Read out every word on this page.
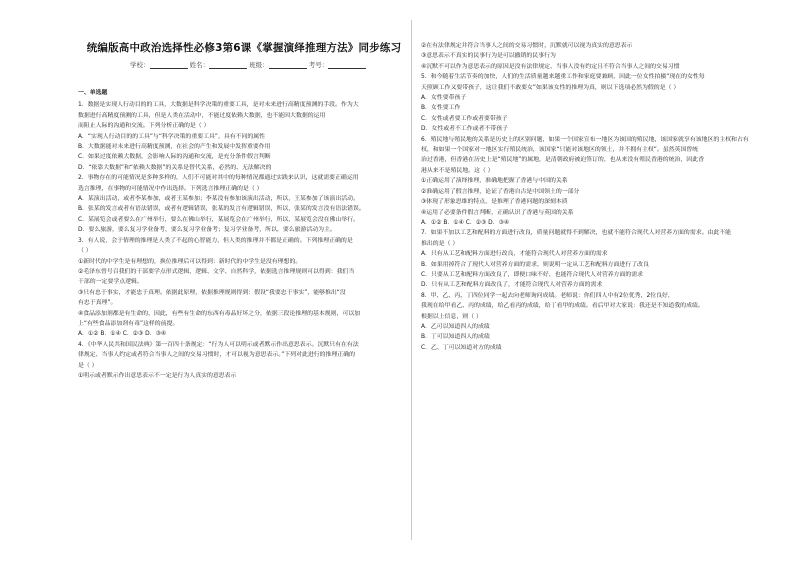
统编版高中政治选择性必修3第6课《掌握演绎推理方法》同步练习
学校：	姓名：	班级：	考号：
一、单选题
1．数据是实现人行动目的的工具，大数据是科学决策的重要工具，是对未来进行高精度预测的手段。作为大
数据进行高精度预测的工具，但是人类在活动中，不能过度依赖大数据，也不能因大数据的运用
而阻止人际的沟通和交流。下列分析正确的是（ ）
A．“实现人行动目的的工具”与“科学决策的重要工具”，具有不同的属性
B．大数据能对未来进行高精度预测，在社会的产生和发展中发挥重要作用
C．如果过度依赖大数据，会影响人际的沟通和交流，是充分条件假言判断
D．“依靠大数据”和“依赖大数据”的关系是替代关系，必然的、无法解决的
2．事物存在的可能情况是多种多样的，人们不可能对其中的每种情况都通过实践来认识，这就需要正确运用
选言推理，在事物的可能情况中作出选择。下列选言推理正确的是（ ）
A．某演出活动，或者李某参加，或者王某参加；李某没有参加该演出活动，所以，王某参加了该演出活动。
B．张某的发言或者有语法错误，或者有逻辑错误，张某的发言有逻辑错误，所以，张某的发言没有语法错误。
C．某展览会或者要么在广州举行，要么在佛山举行，某展览会在广州举行，所以，某展览会没在佛山举行。
D．要么旅游，要么复习学业备考，要么复习学业备考；复习学业备考，所以，要么旅游活动为主。
3．有人说，会于情理的推理是人类了不起的心智能力，但人类的推理并不都是正确的。下列推理正确的是
（ ）
①新时代的中学生是有理想的，换位推理后可以得到：新时代的中学生是没有理想的。
②毛泽东曾号召我们的干部要学点形式逻辑，逻辑、文学、自然科学，依据选言推理规则可以得到：我们当
干部的一定要学点逻辑。
③只有忠于事实，才能忠于真理。依据此原理，依据推理规则得到：假设“我要忠于事实”，能够推出“没
有忠于真理”。
④食品添加剂都是有生命的，因此，有些有生命的东西有毒品好坏之分，依据三段论推理的基本规则，可以加
上“有些食品添加剂有毒”这样的前提。
A．①② B．①④ C．②③ D．③④
4．《中华人民共和国民法典》第一百四十条规定：“行为人可以明示或者默示作出意思表示。沉默只有在有法
律规定、当事人约定或者符合当事人之间的交易习惯时，才可以视为意思表示。”下列对此进行的推理正确的
是（ ）
①明示或者默示作出意思表示不一定是行为人真实的意思表示
②在有法律规定并符合当事人之间的交易习惯时，沉默就可以视为真实的意思表示
③意思表示不真实的民事行为是可以撤销的民事行为
④沉默不可以作为意思表示的原因是没有法律规定、当事人没有约定且不符合当事人之间的交易习惯
5．和今随着生活节奏的加快，人们的生活质量越来越重工作和家庭要兼顾，因此一位女性拍摄“现在的女性每
天照顾工作又要带孩子，这让我们不敢要女”如果该女性的推理为真，则以下选项必然为假的是（ ）
A．女性要带孩子
B．女性要工作
C．女性或者要工作或者要带孩子
D．女性或者不工作或者不带孩子
6．殖民地与殖民地的关系是历史上的区别问题，如果一个国家宣布一地区为该国的殖民地，该国家就享有该地区的主权和占有
权，和如果一个国家对一地区实行殖民统治，该国家“只能对该地区的领土，并不拥有主权”。虽然英国曾统
治过香港，但香港在历史上是“殖民地”的属地，是清朝政府被迫签订的，也从来没有殖民香港的统治，因此香
港从来不是殖民地。这（ ）
①正确运用了演绎推理，准确地把握了香港与中国的关系
②准确运用了假言推理，论证了香港自古是中国领土的一部分
③体现了形象思维的特点，是推理了香港问题的深刻本质
④运用了必要条件假言判断，正确认识了香港与英国的关系
A．①② B．①④ C．②③ D．③④
7．如果不加以工艺和配料的方面进行改良，质量问题就得不到解决，也就不能符合现代人对营养方面的需求。由此不能
推出的是（ ）
A．只有从工艺和配料方面进行改良，才能符合现代人对营养方面的需求
B．如果用掉符合了现代人对营养方面的需求，则说明一定从工艺和配料方面进行了改良
C．只要从工艺和配料方面改良了，即便口味不好，也能符合现代人对营养方面的需求
D．只有从工艺和配料方面改良了，才能符合现代人对营养方面的需求
8．甲、乙、丙、丁四位同学一起去向老师询问成绩。老师说：你们四人中有2位优秀，2位良好，
我现在给甲看乙、丙的成绩，给乙看丙的成绩，给丁看甲的成绩。看后甲对大家说：我还是不知道我的成绩。
根据以上信息，则（ ）
A．乙可以知道四人的成绩
B．丁可以知道四人的成绩
C．乙、丁可以知道对方的成绩
